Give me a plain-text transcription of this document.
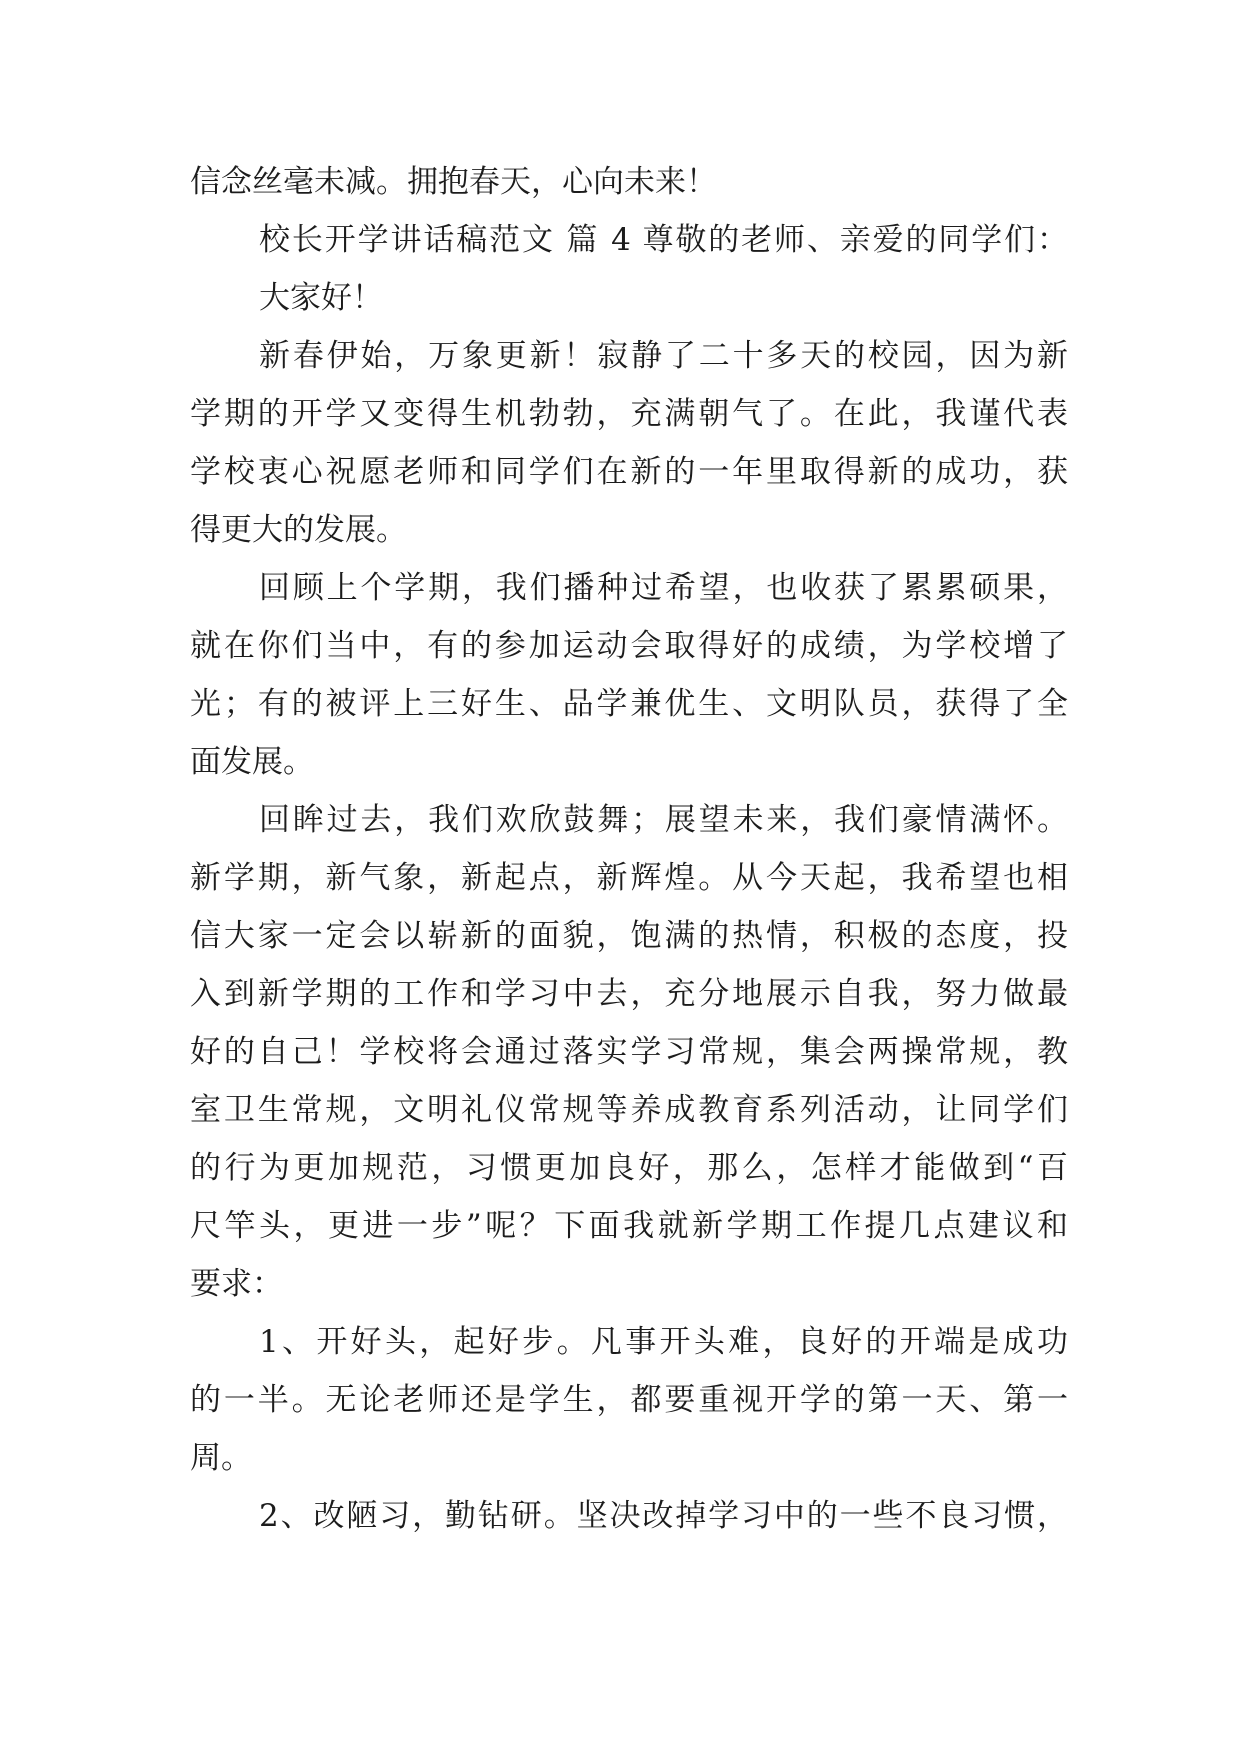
信念丝毫未减。拥抱春天，心向未来！
校长开学讲话稿范文 篇 4 尊敬的老师、亲爱的同学们：
大家好！
新春伊始，万象更新！寂静了二十多天的校园，因为新
学期的开学又变得生机勃勃，充满朝气了。在此，我谨代表
学校衷心祝愿老师和同学们在新的一年里取得新的成功，获
得更大的发展。
回顾上个学期，我们播种过希望，也收获了累累硕果，
就在你们当中，有的参加运动会取得好的成绩，为学校增了
光；有的被评上三好生、品学兼优生、文明队员，获得了全
面发展。
回眸过去，我们欢欣鼓舞；展望未来，我们豪情满怀。
新学期，新气象，新起点，新辉煌。从今天起，我希望也相
信大家一定会以崭新的面貌，饱满的热情，积极的态度，投
入到新学期的工作和学习中去，充分地展示自我，努力做最
好的自己！学校将会通过落实学习常规，集会两操常规，教
室卫生常规，文明礼仪常规等养成教育系列活动，让同学们
的行为更加规范，习惯更加良好，那么，怎样才能做到“百
尺竿头，更进一步”呢？下面我就新学期工作提几点建议和
要求：
1、开好头，起好步。凡事开头难，良好的开端是成功
的一半。无论老师还是学生，都要重视开学的第一天、第一
周。
2、改陋习，勤钻研。坚决改掉学习中的一些不良习惯，
